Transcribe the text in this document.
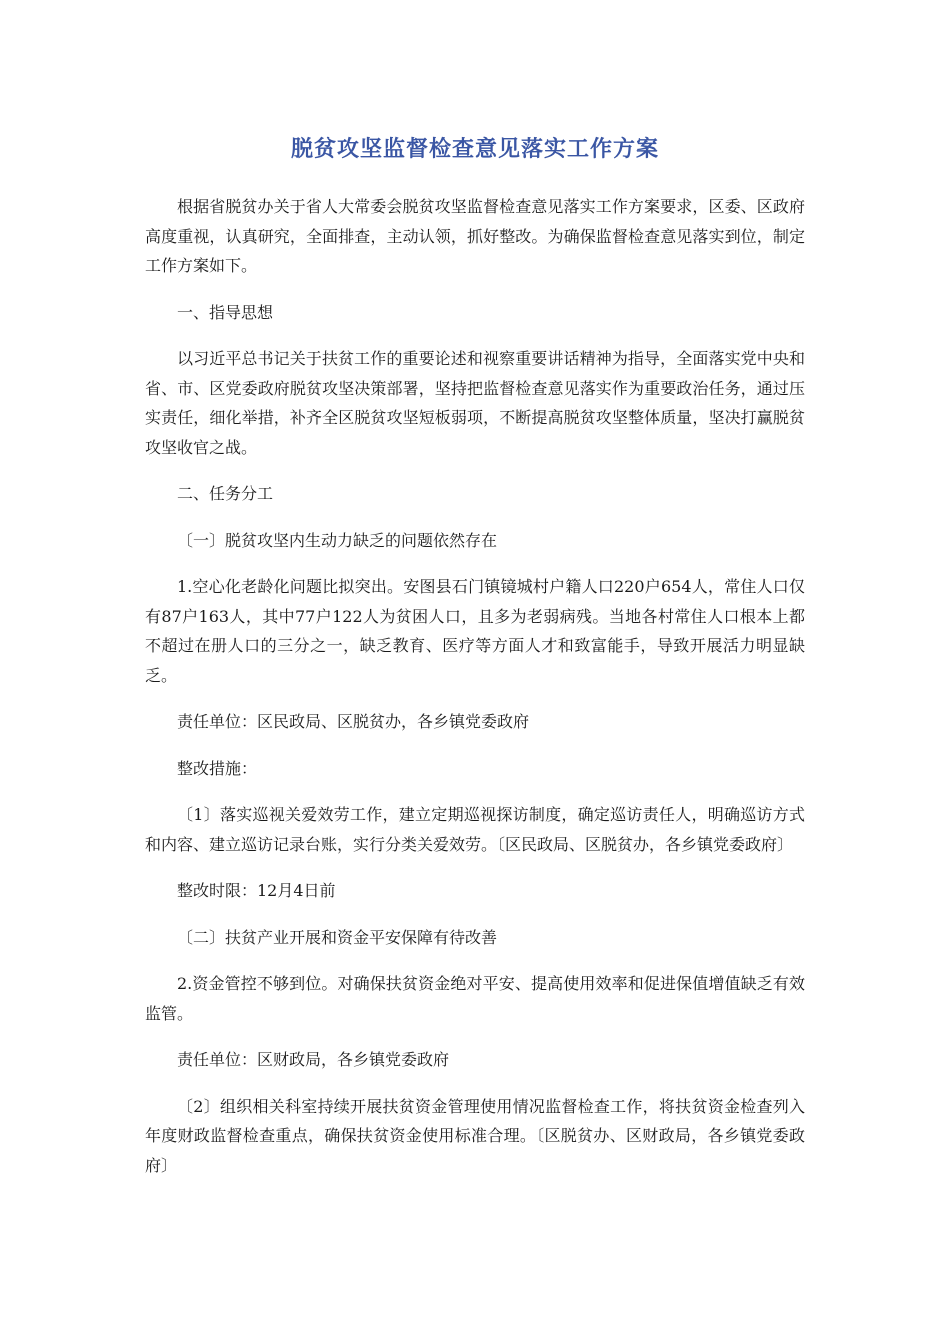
脱贫攻坚监督检查意见落实工作方案

根据省脱贫办关于省人大常委会脱贫攻坚监督检查意见落实工作方案要求，区委、区政府高度重视，认真研究，全面排查，主动认领，抓好整改。为确保监督检查意见落实到位，制定工作方案如下。

一、指导思想

以习近平总书记关于扶贫工作的重要论述和视察重要讲话精神为指导，全面落实党中央和省、市、区党委政府脱贫攻坚决策部署，坚持把监督检查意见落实作为重要政治任务，通过压实责任，细化举措，补齐全区脱贫攻坚短板弱项，不断提高脱贫攻坚整体质量，坚决打赢脱贫攻坚收官之战。

二、任务分工

〔一〕脱贫攻坚内生动力缺乏的问题依然存在

1.空心化老龄化问题比拟突出。安图县石门镇镜城村户籍人口220户654人，常住人口仅有87户163人，其中77户122人为贫困人口，且多为老弱病残。当地各村常住人口根本上都不超过在册人口的三分之一，缺乏教育、医疗等方面人才和致富能手，导致开展活力明显缺乏。

责任单位：区民政局、区脱贫办，各乡镇党委政府

整改措施：

〔1〕落实巡视关爱效劳工作，建立定期巡视探访制度，确定巡访责任人，明确巡访方式和内容、建立巡访记录台账，实行分类关爱效劳。〔区民政局、区脱贫办，各乡镇党委政府〕

整改时限：12月4日前

〔二〕扶贫产业开展和资金平安保障有待改善

2.资金管控不够到位。对确保扶贫资金绝对平安、提高使用效率和促进保值增值缺乏有效监管。

责任单位：区财政局，各乡镇党委政府

〔2〕组织相关科室持续开展扶贫资金管理使用情况监督检查工作，将扶贫资金检查列入年度财政监督检查重点，确保扶贫资金使用标准合理。〔区脱贫办、区财政局，各乡镇党委政府〕
